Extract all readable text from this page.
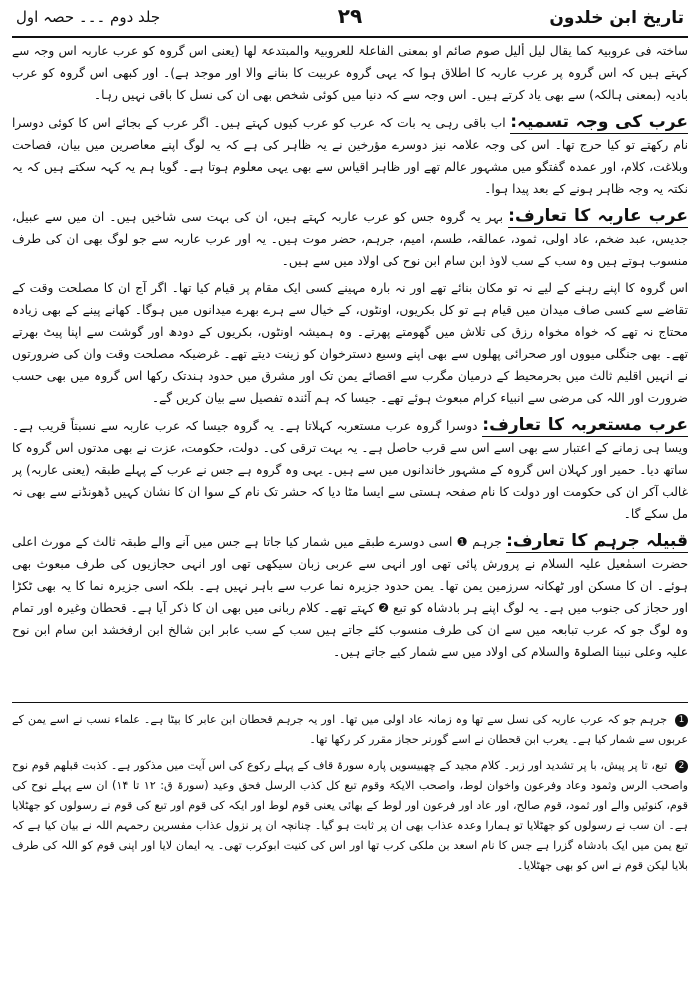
تاریخ ابن خلدون
۲۹
جلد دوم ۔۔۔ حصہ اول

ساختہ فی عروبیۃ کما یقال لیل ألیل صوم صائم او بمعنی الفاعلۃ للعروبیۃ والمبتدعۃ لھا (یعنی اس گروہ کو عرب عاربہ اس وجہ سے کہتے ہیں کہ اس گروہ پر عرب عاربہ کا اطلاق ہوا کہ یہی گروہ عربیت کا بنانے والا اور موجد ہے)۔ اور کبھی اس گروہ کو عرب بادیہ (بمعنی ہالکہ) سے بھی یاد کرتے ہیں۔ اس وجہ سے کہ دنیا میں کوئی شخص بھی ان کی نسل کا باقی نہیں رہا۔

عرب کی وجہ تسمیہ: اب باقی رہی یہ بات کہ عرب کو عرب کیوں کہتے ہیں۔ اگر عرب کے بجائے اس کا کوئی دوسرا نام رکھتے تو کیا حرج تھا۔ اس کی وجہ علامہ نیز دوسرے مؤرخین نے یہ ظاہر کی ہے کہ یہ لوگ اپنے معاصرین میں بیان، فصاحت وبلاغت، کلام، اور عمدہ گفتگو میں مشہور عالم تھے اور ظاہر اقیاس سے بھی یہی معلوم ہوتا ہے۔ گویا ہم یہ کہہ سکتے ہیں کہ یہ نکتہ یہ وجہ ظاہر ہونے کے بعد پیدا ہوا۔

عرب عاربہ کا تعارف: بہر یہ گروہ جس کو عرب عاربہ کہتے ہیں، ان کی بہت سی شاخیں ہیں۔ ان میں سے عبیل، جدیس، عبد ضخم، عاد اولی، ثمود، عمالقہ، طسم، امیم، جرہم، حضر موت ہیں۔ یہ اور عرب عاربہ سے جو لوگ بھی ان کی طرف منسوب ہوتے ہیں وہ سب کے سب لاوذ ابن سام ابن نوح کی اولاد میں سے ہیں۔

اس گروہ کا اپنے رہنے کے لیے نہ تو مکان بنائے تھے اور نہ بارہ مہینے کسی ایک مقام پر قیام کیا تھا۔ اگر آج ان کا مصلحت وقت کے تقاضے سے کسی صاف میدان میں قیام ہے تو کل بکریوں، اونٹوں، کے خیال سے ہرے بھرے میدانوں میں ہوگا۔ کھانے پینے کے بھی زیادہ محتاج نہ تھے کہ خواہ مخواہ رزق کی تلاش میں گھومتے پھرتے۔ وہ ہمیشہ اونٹوں، بکریوں کے دودھ اور گوشت سے اپنا پیٹ بھرتے تھے۔ بھی جنگلی میووں اور صحرائی پھلوں سے بھی اپنے وسیع دسترخوان کو زینت دیتے تھے۔ غرضیکہ مصلحت وقت وان کی ضرورتوں نے انہیں اقلیم ثالث میں بحرمحیط کے درمیان مگرب سے اقصائے یمن تک اور مشرق میں حدود ہندتک رکھا اس گروہ میں بھی حسب ضرورت اور اللہ کی مرضی سے انبیاء کرام مبعوث ہوئے تھے۔ جیسا کہ ہم آئندہ تفصیل سے بیان کریں گے۔

عرب مستعربہ کا تعارف: دوسرا گروہ عرب مستعربہ کہلاتا ہے۔ یہ گروہ جیسا کہ عرب عاربہ سے نسبتاً قریب ہے۔ ویسا ہی زمانے کے اعتبار سے بھی اسے اس سے قرب حاصل ہے۔ یہ بہت ترقی کی۔ دولت، حکومت، عزت نے بھی مدتوں اس گروہ کا ساتھ دیا۔ حمیر اور کہلان اس گروہ کے مشہور خاندانوں میں سے ہیں۔ یہی وہ گروہ ہے جس نے عرب کے پہلے طبقہ (یعنی عاربہ) پر غالب آکر ان کی حکومت اور دولت کا نام صفحہ ہستی سے ایسا مٹا دیا کہ حشر تک نام کے سوا ان کا نشان کہیں ڈھونڈنے سے بھی نہ مل سکے گا۔

قبیلہ جرہم کا تعارف: جرہم ❶ اسی دوسرے طبقے میں شمار کیا جاتا ہے جس میں آنے والے طبقہ ثالث کے مورث اعلی حضرت اسمٰعیل علیہ السلام نے پرورش پائی تھی اور انہی سے عربی زبان سیکھی تھی اور انہی حجازیوں کی طرف مبعوث بھی ہوئے۔ ان کا مسکن اور ٹھکانہ سرزمین یمن تھا۔ یمن حدود جزیرہ نما عرب سے باہر نہیں ہے۔ بلکہ اسی جزیرہ نما کا یہ بھی ٹکڑا اور حجاز کی جنوب میں ہے۔ یہ لوگ اپنے ہر بادشاہ کو تبع ❷ کہتے تھے۔ کلام ربانی میں بھی ان کا ذکر آیا ہے۔ قحطان وغیرہ اور تمام وہ لوگ جو کہ عرب تبابعہ میں سے ان کی طرف منسوب کئے جاتے ہیں سب کے سب عابر ابن شالخ ابن ارفخشد ابن سام ابن نوح علیہ وعلی نبینا الصلوۃ والسلام کی اولاد میں سے شمار کیے جاتے ہیں۔

1 جرہم جو کہ عرب عاربہ کی نسل سے تھا وہ زمانہ عاد اولی میں تھا۔ اور یہ جرہم قحطان ابن عابر کا بیٹا ہے۔ علماء نسب نے اسے یمن کے عربوں سے شمار کیا ہے۔ یعرب ابن قحطان نے اسے گورنر حجاز مقرر کر رکھا تھا۔

2 تبع، تا پر پیش، با پر تشدید اور زبر۔ کلام مجید کے چھبیسویں پارہ سورۃ قاف کے پہلے رکوع کی اس آیت میں مذکور ہے۔ کذبت قبلھم قوم نوح واصحب الرس وثمود وعاد وفرعون واخوان لوط، واصحب الایکۃ وقوم تبع کل کذب الرسل فحق وعید (سورۃ ق: ۱۲ تا ۱۴) ان سے پہلے نوح کی قوم، کنوئیں والے اور ثمود، قوم صالح، اور عاد اور فرعون اور لوط کے بھائی یعنی قوم لوط اور ایکہ کی قوم اور تبع کی قوم نے رسولوں کو جھٹلایا ہے۔ ان سب نے رسولوں کو جھٹلایا تو ہمارا وعدہ عذاب بھی ان پر ثابت ہو گیا۔ چنانچہ ان پر نزول عذاب مفسرین رحمہم اللہ نے بیان کیا ہے کہ تبع یمن میں ایک بادشاہ گزرا ہے جس کا نام اسعد بن ملکی کرب تھا اور اس کی کنیت ابوکرب تھی۔ یہ ایمان لایا اور اپنی قوم کو اللہ کی طرف بلایا لیکن قوم نے اس کو بھی جھٹلایا۔
